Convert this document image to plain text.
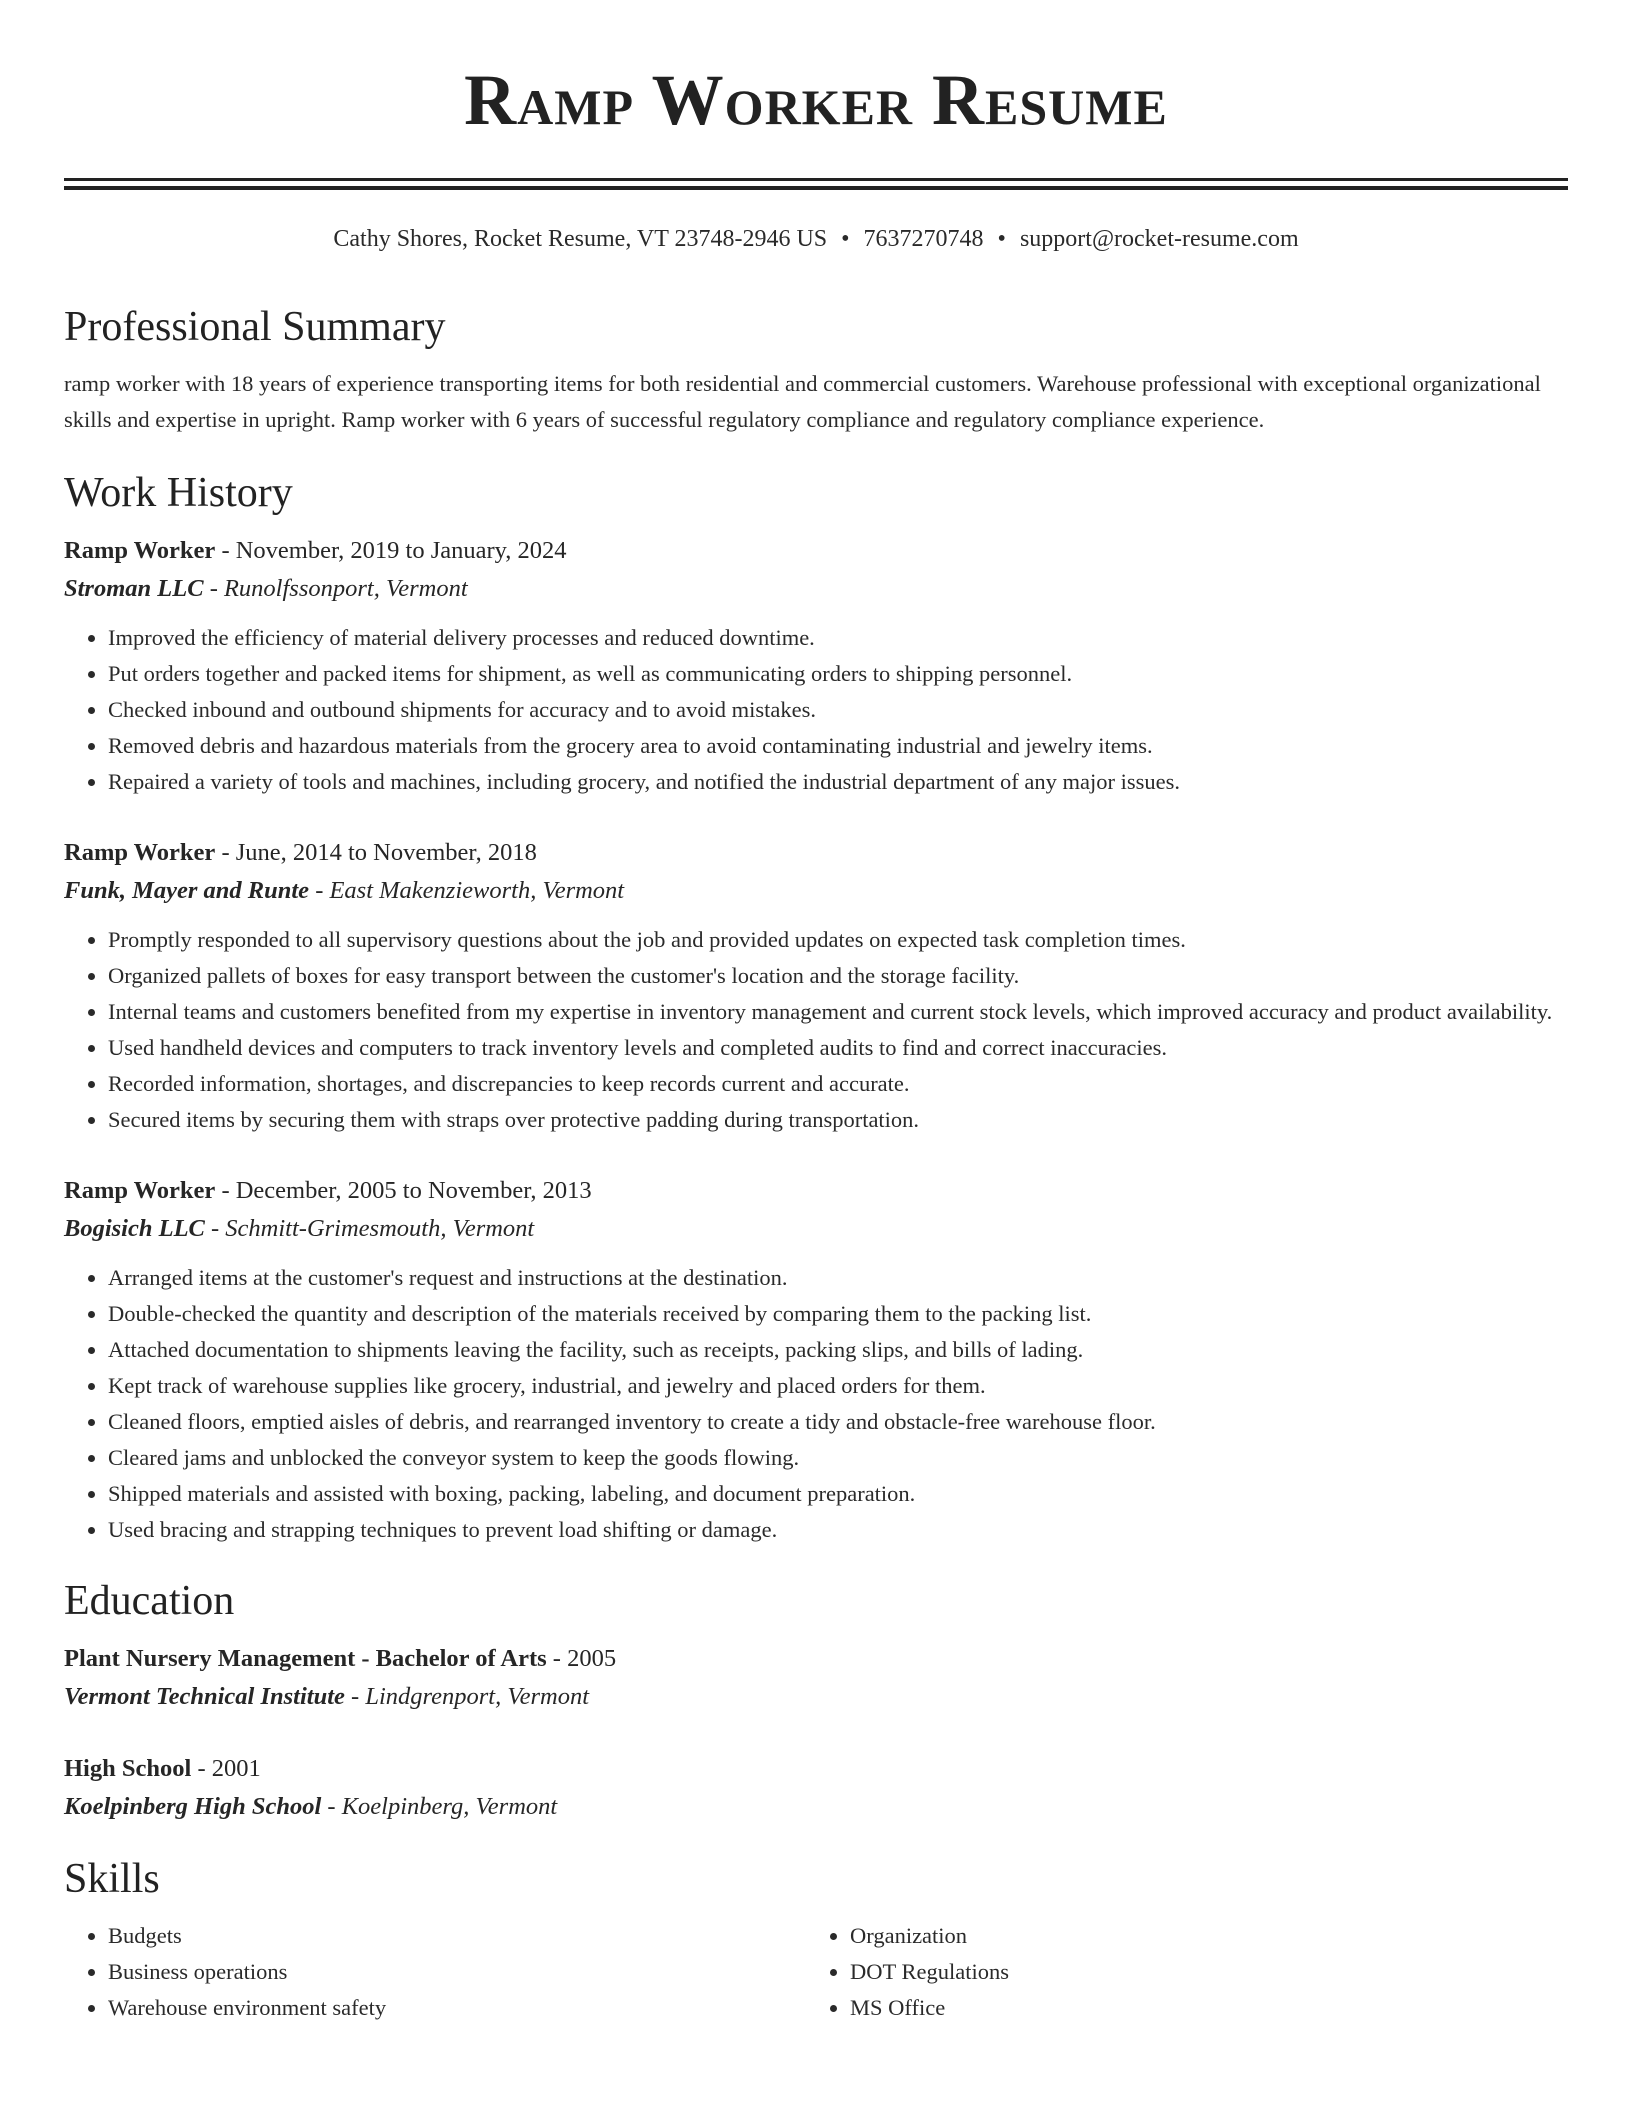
Ramp Worker Resume
Cathy Shores, Rocket Resume, VT 23748-2946 US • 7637270748 • support@rocket-resume.com
Professional Summary

ramp worker with 18 years of experience transporting items for both residential and commercial customers. Warehouse professional with exceptional organizational skills and expertise in upright. Ramp worker with 6 years of successful regulatory compliance and regulatory compliance experience.

Work History

Ramp Worker - November, 2019 to January, 2024

Stroman LLC - Runolfssonport, Vermont

• Improved the efficiency of material delivery processes and reduced downtime.
• Put orders together and packed items for shipment, as well as communicating orders to shipping personnel.
• Checked inbound and outbound shipments for accuracy and to avoid mistakes.
• Removed debris and hazardous materials from the grocery area to avoid contaminating industrial and jewelry items.
• Repaired a variety of tools and machines, including grocery, and notified the industrial department of any major issues.

Ramp Worker - June, 2014 to November, 2018

Funk, Mayer and Runte - East Makenzieworth, Vermont

• Promptly responded to all supervisory questions about the job and provided updates on expected task completion times.
• Organized pallets of boxes for easy transport between the customer's location and the storage facility.
• Internal teams and customers benefited from my expertise in inventory management and current stock levels, which improved accuracy and product availability.
• Used handheld devices and computers to track inventory levels and completed audits to find and correct inaccuracies.
• Recorded information, shortages, and discrepancies to keep records current and accurate.
• Secured items by securing them with straps over protective padding during transportation.

Ramp Worker - December, 2005 to November, 2013

Bogisich LLC - Schmitt-Grimesmouth, Vermont

• Arranged items at the customer's request and instructions at the destination.
• Double-checked the quantity and description of the materials received by comparing them to the packing list.
• Attached documentation to shipments leaving the facility, such as receipts, packing slips, and bills of lading.
• Kept track of warehouse supplies like grocery, industrial, and jewelry and placed orders for them.
• Cleaned floors, emptied aisles of debris, and rearranged inventory to create a tidy and obstacle-free warehouse floor.
• Cleared jams and unblocked the conveyor system to keep the goods flowing.
• Shipped materials and assisted with boxing, packing, labeling, and document preparation.
• Used bracing and strapping techniques to prevent load shifting or damage.
Education

Plant Nursery Management - Bachelor of Arts - 2005

Vermont Technical Institute - Lindgrenport, Vermont

High School - 2001

Koelpinberg High School - Koelpinberg, Vermont

Skills
• Budgets
• Business operations
• Warehouse environment safety
• Organization
• DOT Regulations
• MS Office
